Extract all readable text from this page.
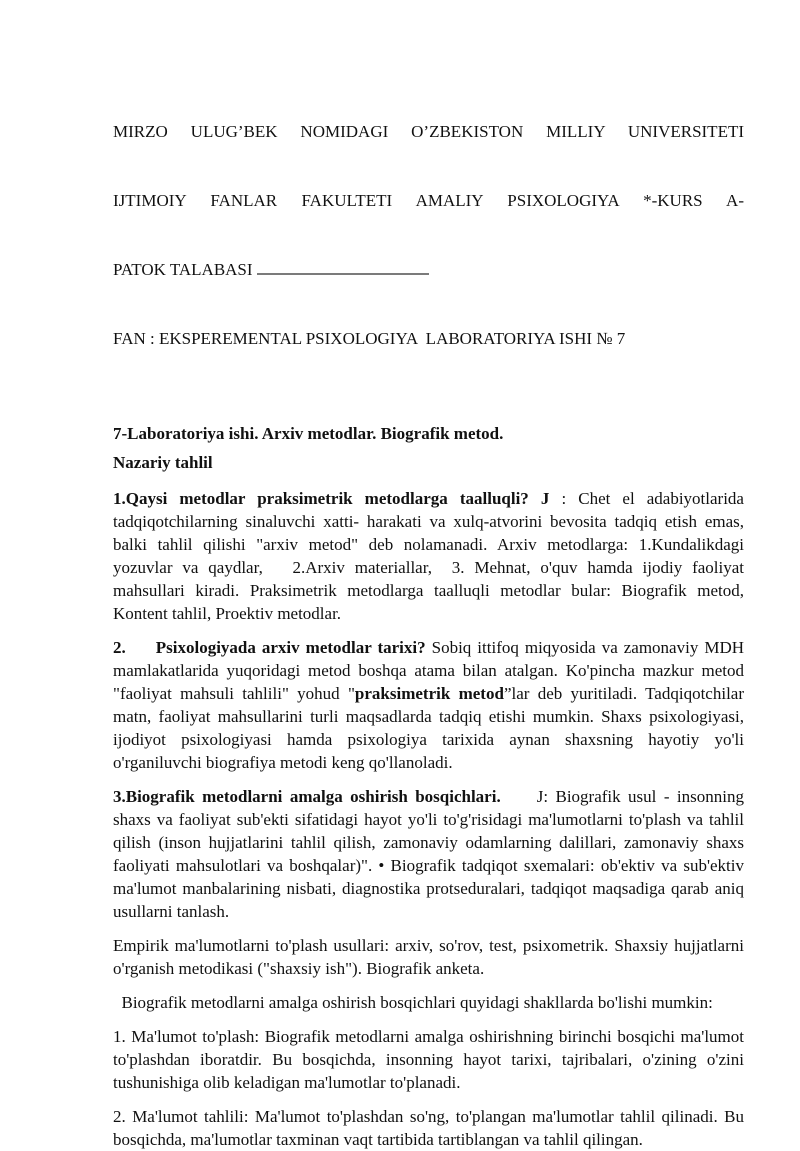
MIRZO ULUG’BEK NOMIDAGI O’ZBEKISTON MILLIY UNIVERSITETI

IJTIMOIY FANLAR FAKULTETI AMALIY PSIXOLOGIYA *-KURS A-

PATOK TALABASI

FAN : EKSPEREMENTAL PSIXOLOGIYA  LABORATORIYA ISHI № 7

7-Laboratoriya ishi. Arxiv metodlar. Biografik metod.
Nazariy tahlil

1.Qaysi metodlar praksimetrik metodlarga taalluqli? J : Chet el adabiyotlarida tadqiqotchilarning sinaluvchi xatti- harakati va xulq-atvorini bevosita tadqiq etish emas, balki tahlil qilishi "arxiv metod" deb nolamanadi. Arxiv metodlarga: 1.Kundalikdagi yozuvlar va qaydlar,   2.Arxiv materiallar,  3. Mehnat, o'quv hamda ijodiy faoliyat mahsullari kiradi. Praksimetrik metodlarga taalluqli metodlar bular: Biografik metod, Kontent tahlil, Proektiv metodlar.

2. Psixologiyada arxiv metodlar tarixi? Sobiq ittifoq miqyosida va zamonaviy MDH mamlakatlarida yuqoridagi metod boshqa atama bilan atalgan. Ko'pincha mazkur metod "faoliyat mahsuli tahlili" yohud "praksimetrik metod”lar deb yuritiladi. Tadqiqotchilar matn, faoliyat mahsullarini turli maqsadlarda tadqiq etishi mumkin. Shaxs psixologiyasi, ijodiyot psixologiyasi hamda psixologiya tarixida aynan shaxsning hayotiy yo'li o'rganiluvchi biografiya metodi keng qo'llanoladi.

3.Biografik metodlarni amalga oshirish bosqichlari. J: Biografik usul - insonning shaxs va faoliyat sub'ekti sifatidagi hayot yo'li to'g'risidagi ma'lumotlarni to'plash va tahlil qilish (inson hujjatlarini tahlil qilish, zamonaviy odamlarning dalillari, zamonaviy shaxs faoliyati mahsulotlari va boshqalar)". • Biografik tadqiqot sxemalari: ob'ektiv va sub'ektiv ma'lumot manbalarining nisbati, diagnostika protseduralari, tadqiqot maqsadiga qarab aniq usullarni tanlash.

Empirik ma'lumotlarni to'plash usullari: arxiv, so'rov, test, psixometrik. Shaxsiy hujjatlarni o'rganish metodikasi ("shaxsiy ish"). Biografik anketa.

Biografik metodlarni amalga oshirish bosqichlari quyidagi shakllarda bo'lishi mumkin:

1. Ma'lumot to'plash: Biografik metodlarni amalga oshirishning birinchi bosqichi ma'lumot to'plashdan iboratdir. Bu bosqichda, insonning hayot tarixi, tajribalari, o'zining o'zini tushunishiga olib keladigan ma'lumotlar to'planadi.

2. Ma'lumot tahlili: Ma'lumot to'plashdan so'ng, to'plangan ma'lumotlar tahlil qilinadi. Bu bosqichda, ma'lumotlar taxminan vaqt tartibida tartiblangan va tahlil qilingan.
